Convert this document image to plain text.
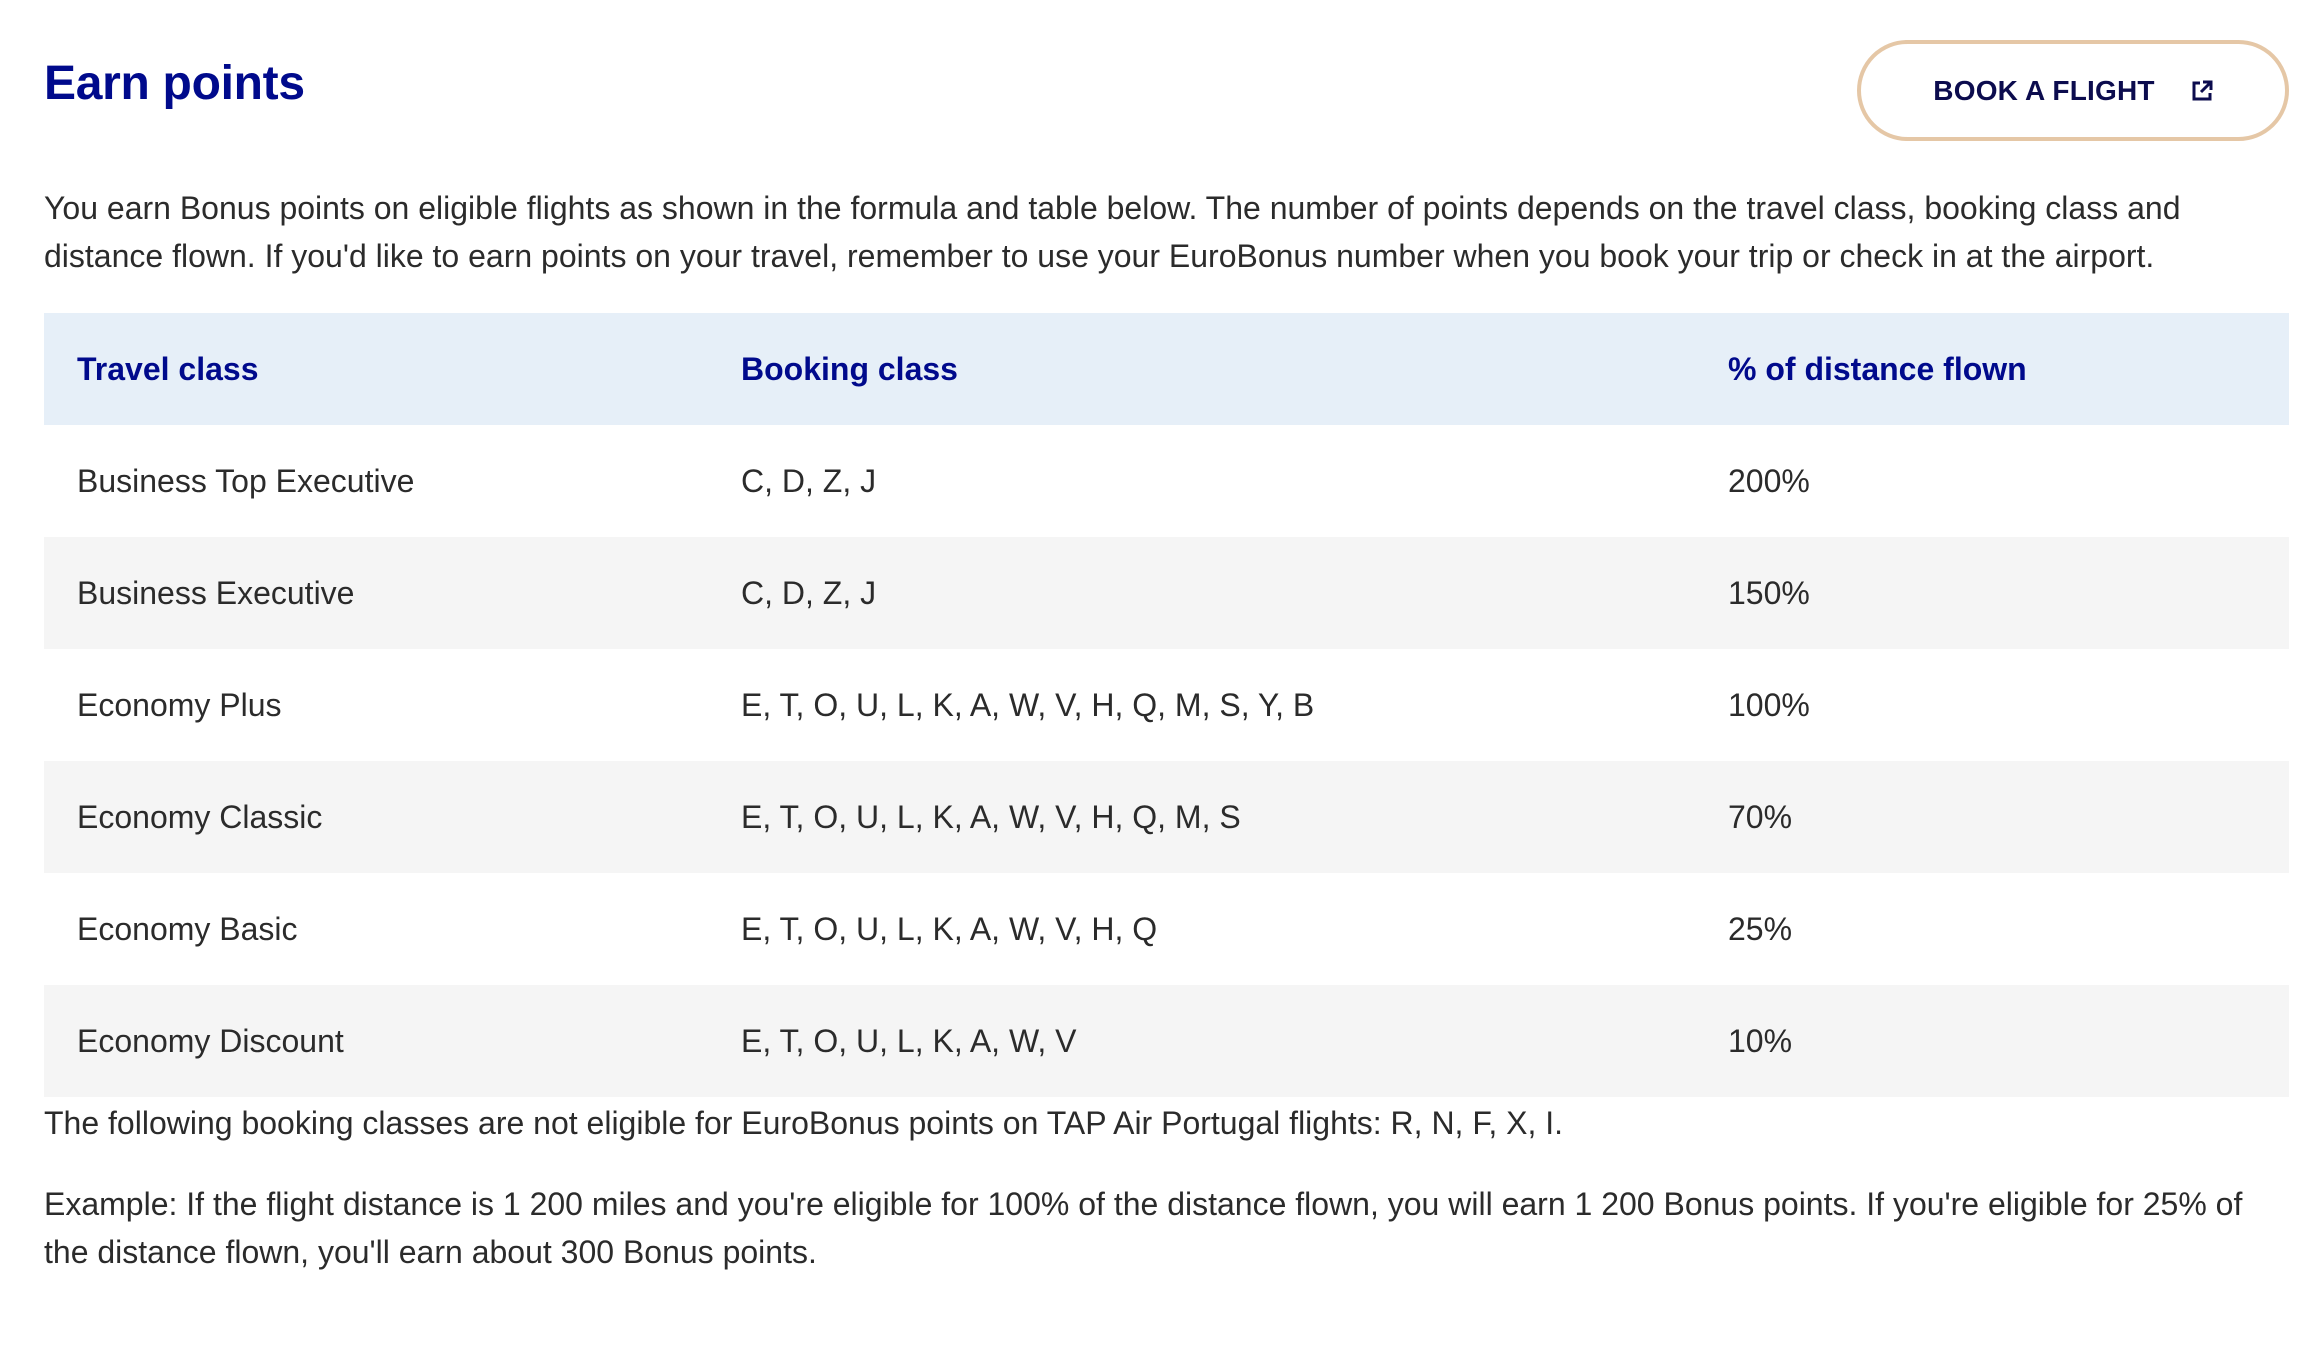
Earn points	BOOK A FLIGHT

You earn Bonus points on eligible flights as shown in the formula and table below. The number of points depends on the travel class, booking class and distance flown. If you'd like to earn points on your travel, remember to use your EuroBonus number when you book your trip or check in at the airport.

Travel class	Booking class	% of distance flown
Business Top Executive	C, D, Z, J	200%
Business Executive	C, D, Z, J	150%
Economy Plus	E, T, O, U, L, K, A, W, V, H, Q, M, S, Y, B	100%
Economy Classic	E, T, O, U, L, K, A, W, V, H, Q, M, S	70%
Economy Basic	E, T, O, U, L, K, A, W, V, H, Q	25%
Economy Discount	E, T, O, U, L, K, A, W, V	10%

The following booking classes are not eligible for EuroBonus points on TAP Air Portugal flights: R, N, F, X, I.

Example: If the flight distance is 1 200 miles and you're eligible for 100% of the distance flown, you will earn 1 200 Bonus points. If you're eligible for 25% of the distance flown, you'll earn about 300 Bonus points.
